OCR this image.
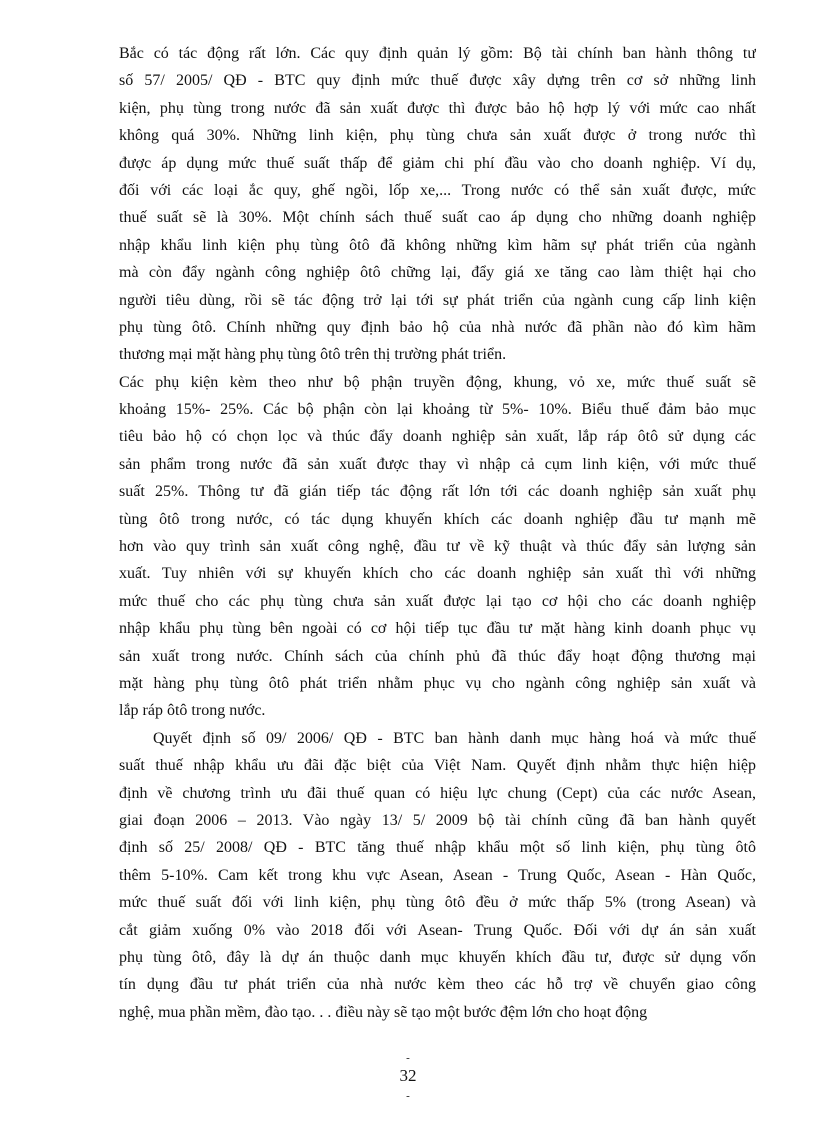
Bắc có tác động rất lớn. Các quy định quản lý gồm: Bộ tài chính ban hành thông tư
số 57/ 2005/ QĐ - BTC quy định mức thuế được xây dựng trên cơ sở những linh
kiện, phụ tùng trong nước đã sản xuất được thì được bảo hộ hợp lý với mức cao nhất
không quá 30%. Những linh kiện, phụ tùng chưa sản xuất được ở trong nước thì
được áp dụng mức thuế suất thấp để giảm chi phí đầu vào cho doanh nghiệp. Ví dụ,
đối với các loại ắc quy, ghế ngồi, lốp xe,... Trong nước có thể sản xuất được, mức
thuế suất sẽ là 30%. Một chính sách thuế suất cao áp dụng cho những doanh nghiệp
nhập khẩu linh kiện phụ tùng ôtô đã không những kìm hãm sự phát triển của ngành
mà còn đẩy ngành công nghiệp ôtô chững lại, đẩy giá xe tăng cao làm thiệt hại cho
người tiêu dùng, rồi sẽ tác động trở lại tới sự phát triển của ngành cung cấp linh kiện
phụ tùng ôtô. Chính những quy định bảo hộ của nhà nước đã phần nào đó kìm hãm
thương mại mặt hàng phụ tùng ôtô trên thị trường phát triển.
Các phụ kiện kèm theo như bộ phận truyền động, khung, vỏ xe, mức thuế suất sẽ
khoảng 15%- 25%. Các bộ phận còn lại khoảng từ 5%- 10%. Biểu thuế đảm bảo mục
tiêu bảo hộ có chọn lọc và thúc đẩy doanh nghiệp sản xuất, lắp ráp ôtô sử dụng các
sản phẩm trong nước đã sản xuất được thay vì nhập cả cụm linh kiện, với mức thuế
suất 25%. Thông tư đã gián tiếp tác động rất lớn tới các doanh nghiệp sản xuất phụ
tùng ôtô trong nước, có tác dụng khuyến khích các doanh nghiệp đầu tư mạnh mẽ
hơn vào quy trình sản xuất công nghệ, đầu tư về kỹ thuật và thúc đẩy sản lượng sản
xuất. Tuy nhiên với sự khuyến khích cho các doanh nghiệp sản xuất thì với những
mức thuế cho các phụ tùng chưa sản xuất được lại tạo cơ hội cho các doanh nghiệp
nhập khẩu phụ tùng bên ngoài có cơ hội tiếp tục đầu tư mặt hàng kinh doanh phục vụ
sản xuất trong nước. Chính sách của chính phủ đã thúc đẩy hoạt động thương mại
mặt hàng phụ tùng ôtô phát triển nhằm phục vụ cho ngành công nghiệp sản xuất và
lắp ráp ôtô trong nước.
Quyết định số 09/ 2006/ QĐ - BTC ban hành danh mục hàng hoá và mức thuế
suất thuế nhập khẩu ưu đãi đặc biệt của Việt Nam. Quyết định nhằm thực hiện hiệp
định về chương trình ưu đãi thuế quan có hiệu lực chung (Cept) của các nước Asean,
giai đoạn 2006 – 2013. Vào ngày 13/ 5/ 2009 bộ tài chính cũng đã ban hành quyết
định số 25/ 2008/ QĐ - BTC tăng thuế nhập khẩu một số linh kiện, phụ tùng ôtô
thêm 5-10%. Cam kết trong khu vực Asean, Asean - Trung Quốc, Asean - Hàn Quốc,
mức thuế suất đối với linh kiện, phụ tùng ôtô đều ở mức thấp 5% (trong Asean) và
cắt giảm xuống 0% vào 2018 đối với Asean- Trung Quốc. Đối với dự án sản xuất
phụ tùng ôtô, đây là dự án thuộc danh mục khuyến khích đầu tư, được sử dụng vốn
tín dụng đầu tư phát triển của nhà nước kèm theo các hỗ trợ về chuyển giao công
nghệ, mua phần mềm, đào tạo. . . điều này sẽ tạo một bước đệm lớn cho hoạt động
-
32
-
